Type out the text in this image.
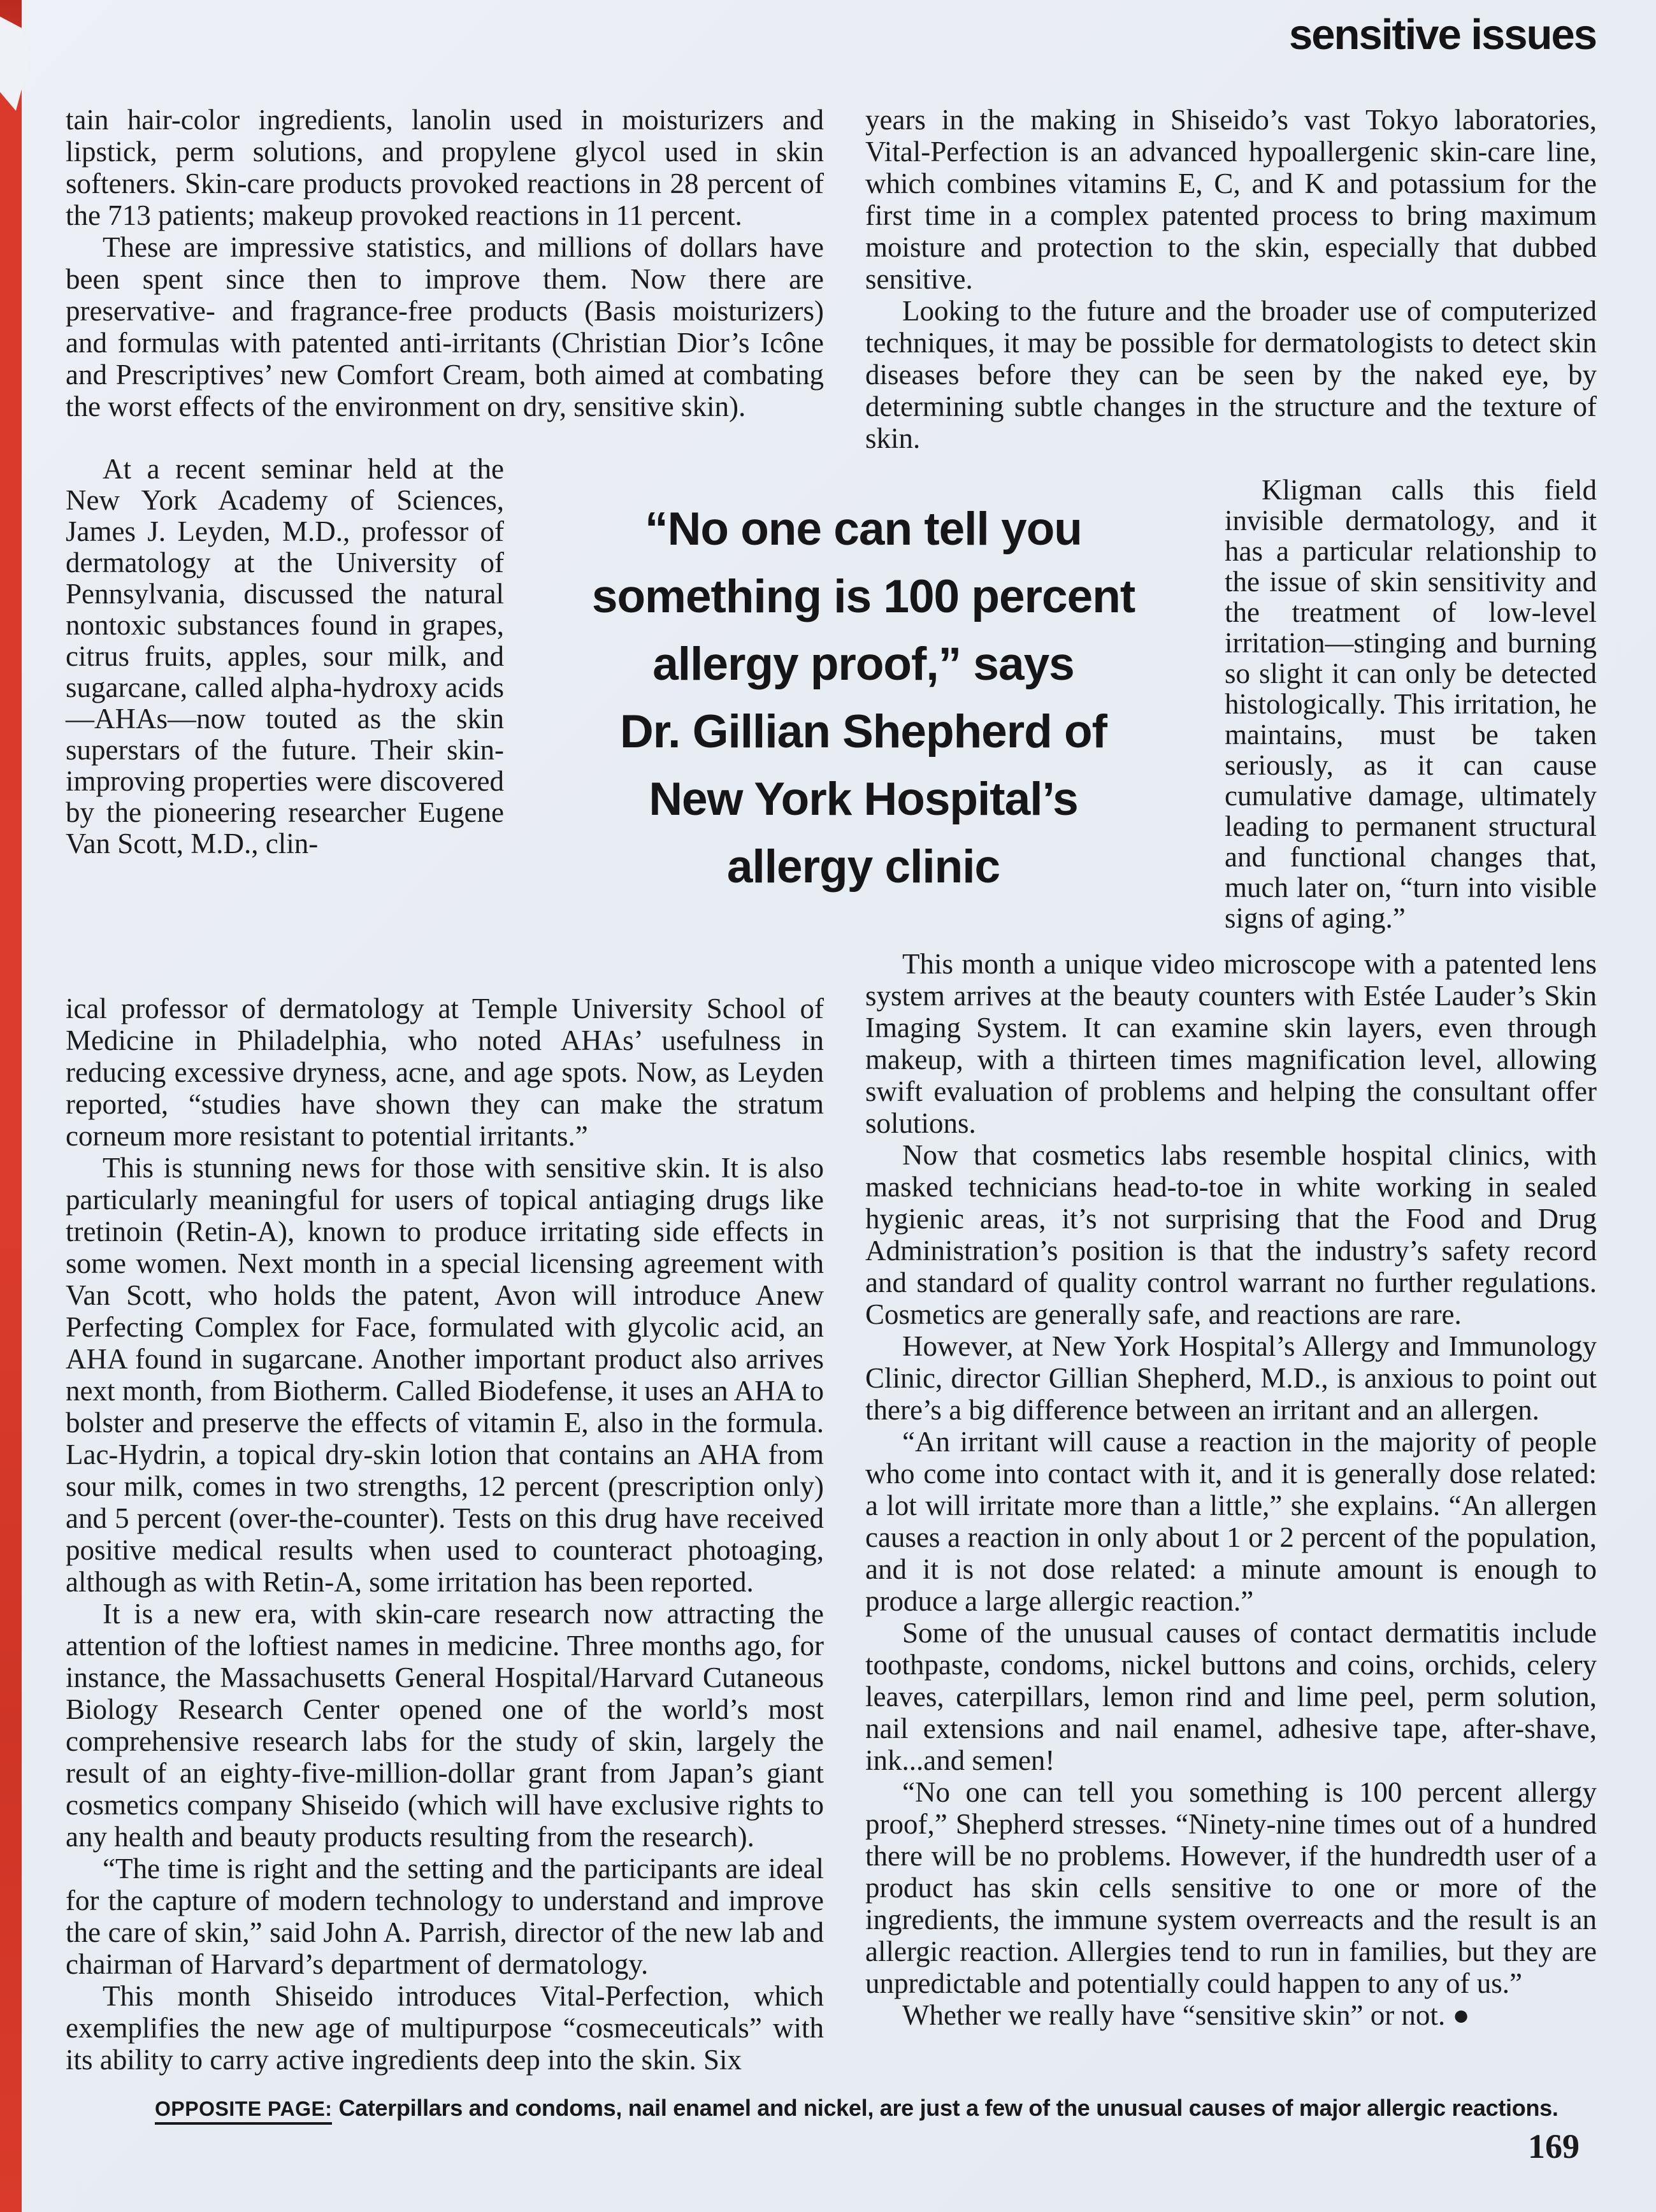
sensitive issues

tain hair-color ingredients, lanolin used in moisturizers and lipstick, perm solutions, and propylene glycol used in skin softeners. Skin-care products provoked reactions in 28 percent of the 713 patients; makeup provoked reactions in 11 percent.

These are impressive statistics, and millions of dollars have been spent since then to improve them. Now there are preservative- and fragrance-free products (Basis moisturizers) and formulas with patented anti-irritants (Christian Dior’s Icône and Prescriptives’ new Comfort Cream, both aimed at combating the worst effects of the environment on dry, sensitive skin).

At a recent seminar held at the New York Academy of Sciences, James J. Leyden, M.D., professor of dermatology at the University of Pennsylvania, discussed the natural nontoxic substances found in grapes, citrus fruits, apples, sour milk, and sugarcane, called alpha-hydroxy acids—AHAs—now touted as the skin superstars of the future. Their skin-improving properties were discovered by the pioneering researcher Eugene Van Scott, M.D., clin-

“No one can tell you
something is 100 percent
allergy proof,” says
Dr. Gillian Shepherd of
New York Hospital’s
allergy clinic

years in the making in Shiseido’s vast Tokyo laboratories, Vital-Perfection is an advanced hypoallergenic skin-care line, which combines vitamins E, C, and K and potassium for the first time in a complex patented process to bring maximum moisture and protection to the skin, especially that dubbed sensitive.

Looking to the future and the broader use of computerized techniques, it may be possible for dermatologists to detect skin diseases before they can be seen by the naked eye, by determining subtle changes in the structure and the texture of skin.

Kligman calls this field invisible dermatology, and it has a particular relationship to the issue of skin sensitivity and the treatment of low-level irritation—stinging and burning so slight it can only be detected histologically. This irritation, he maintains, must be taken seriously, as it can cause cumulative damage, ultimately leading to permanent structural and functional changes that, much later on, “turn into visible signs of aging.”

ical professor of dermatology at Temple University School of Medicine in Philadelphia, who noted AHAs’ usefulness in reducing excessive dryness, acne, and age spots. Now, as Leyden reported, “studies have shown they can make the stratum corneum more resistant to potential irritants.”

This is stunning news for those with sensitive skin. It is also particularly meaningful for users of topical antiaging drugs like tretinoin (Retin-A), known to produce irritating side effects in some women. Next month in a special licensing agreement with Van Scott, who holds the patent, Avon will introduce Anew Perfecting Complex for Face, formulated with glycolic acid, an AHA found in sugarcane. Another important product also arrives next month, from Biotherm. Called Biodefense, it uses an AHA to bolster and preserve the effects of vitamin E, also in the formula. Lac-Hydrin, a topical dry-skin lotion that contains an AHA from sour milk, comes in two strengths, 12 percent (prescription only) and 5 percent (over-the-counter). Tests on this drug have received positive medical results when used to counteract photoaging, although as with Retin-A, some irritation has been reported.

It is a new era, with skin-care research now attracting the attention of the loftiest names in medicine. Three months ago, for instance, the Massachusetts General Hospital/Harvard Cutaneous Biology Research Center opened one of the world’s most comprehensive research labs for the study of skin, largely the result of an eighty-five-million-dollar grant from Japan’s giant cosmetics company Shiseido (which will have exclusive rights to any health and beauty products resulting from the research).

“The time is right and the setting and the participants are ideal for the capture of modern technology to understand and improve the care of skin,” said John A. Parrish, director of the new lab and chairman of Harvard’s department of dermatology.

This month Shiseido introduces Vital-Perfection, which exemplifies the new age of multipurpose “cosmeceuticals” with its ability to carry active ingredients deep into the skin. Six

This month a unique video microscope with a patented lens system arrives at the beauty counters with Estée Lauder’s Skin Imaging System. It can examine skin layers, even through makeup, with a thirteen times magnification level, allowing swift evaluation of problems and helping the consultant offer solutions.

Now that cosmetics labs resemble hospital clinics, with masked technicians head-to-toe in white working in sealed hygienic areas, it’s not surprising that the Food and Drug Administration’s position is that the industry’s safety record and standard of quality control warrant no further regulations. Cosmetics are generally safe, and reactions are rare.

However, at New York Hospital’s Allergy and Immunology Clinic, director Gillian Shepherd, M.D., is anxious to point out there’s a big difference between an irritant and an allergen.

“An irritant will cause a reaction in the majority of people who come into contact with it, and it is generally dose related: a lot will irritate more than a little,” she explains. “An allergen causes a reaction in only about 1 or 2 percent of the population, and it is not dose related: a minute amount is enough to produce a large allergic reaction.”

Some of the unusual causes of contact dermatitis include toothpaste, condoms, nickel buttons and coins, orchids, celery leaves, caterpillars, lemon rind and lime peel, perm solution, nail extensions and nail enamel, adhesive tape, after-shave, ink...and semen!

“No one can tell you something is 100 percent allergy proof,” Shepherd stresses. “Ninety-nine times out of a hundred there will be no problems. However, if the hundredth user of a product has skin cells sensitive to one or more of the ingredients, the immune system overreacts and the result is an allergic reaction. Allergies tend to run in families, but they are unpredictable and potentially could happen to any of us.”

Whether we really have “sensitive skin” or not. ●

OPPOSITE PAGE: Caterpillars and condoms, nail enamel and nickel, are just a few of the unusual causes of major allergic reactions.
169
